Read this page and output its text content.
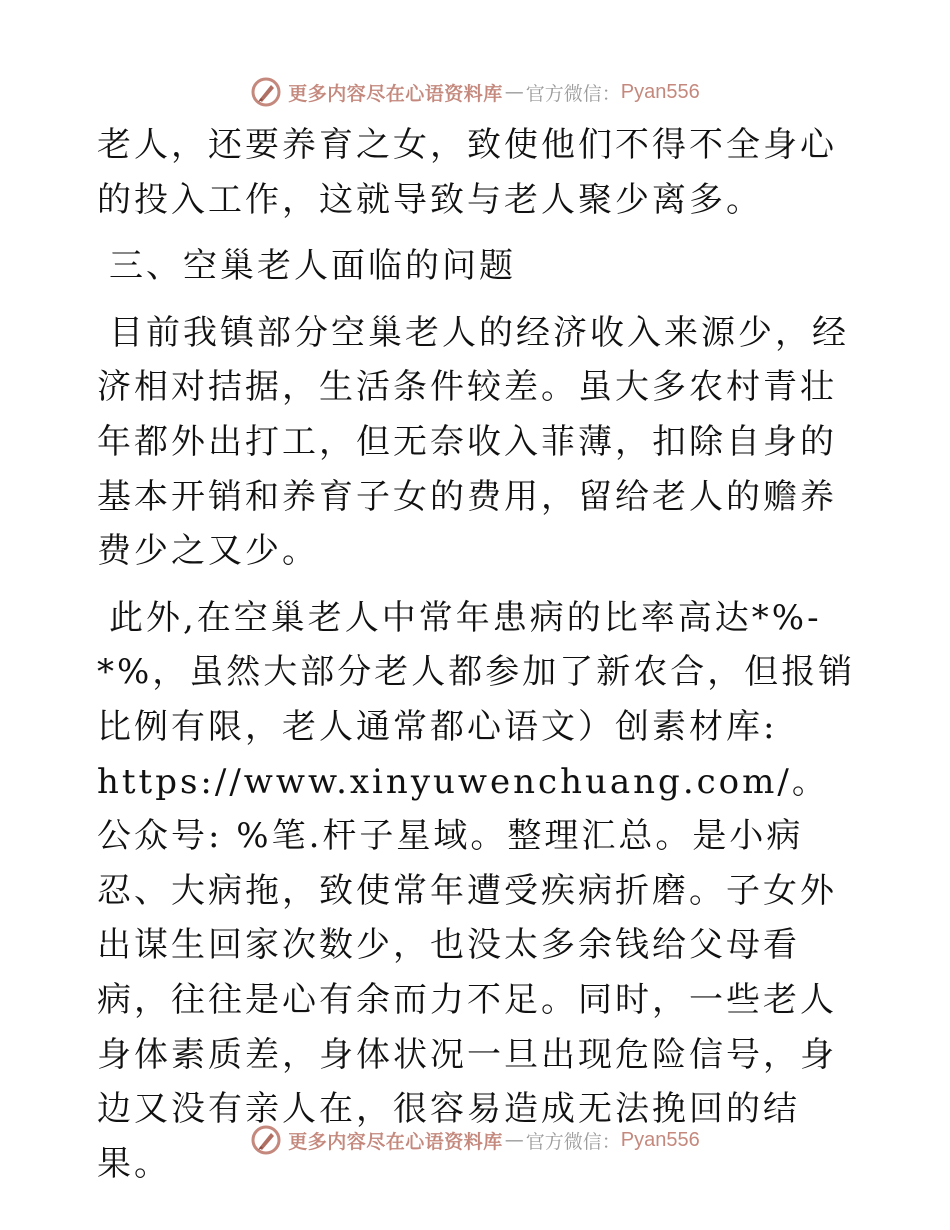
更多内容尽在心语资料库 — 官方微信： Pyan556

老人，还要养育之女，致使他们不得不全身心的投入工作，这就导致与老人聚少离多。

三、空巢老人面临的问题

目前我镇部分空巢老人的经济收入来源少，经济相对拮据，生活条件较差。虽大多农村青壮年都外出打工，但无奈收入菲薄，扣除自身的基本开销和养育子女的费用，留给老人的赡养费少之又少。

此外,在空巢老人中常年患病的比率高达*%-*%，虽然大部分老人都参加了新农合，但报销比例有限，老人通常都心语文）创素材库: https://www.xinyuwenchuang.com/。公众号: %笔.杆子星域。整理汇总。是小病忍、大病拖，致使常年遭受疾病折磨。子女外出谋生回家次数少，也没太多余钱给父母看病，往往是心有余而力不足。同时，一些老人身体素质差，身体状况一旦出现危险信号，身边又没有亲人在，很容易造成无法挽回的结果。

更多内容尽在心语资料库 — 官方微信： Pyan556
